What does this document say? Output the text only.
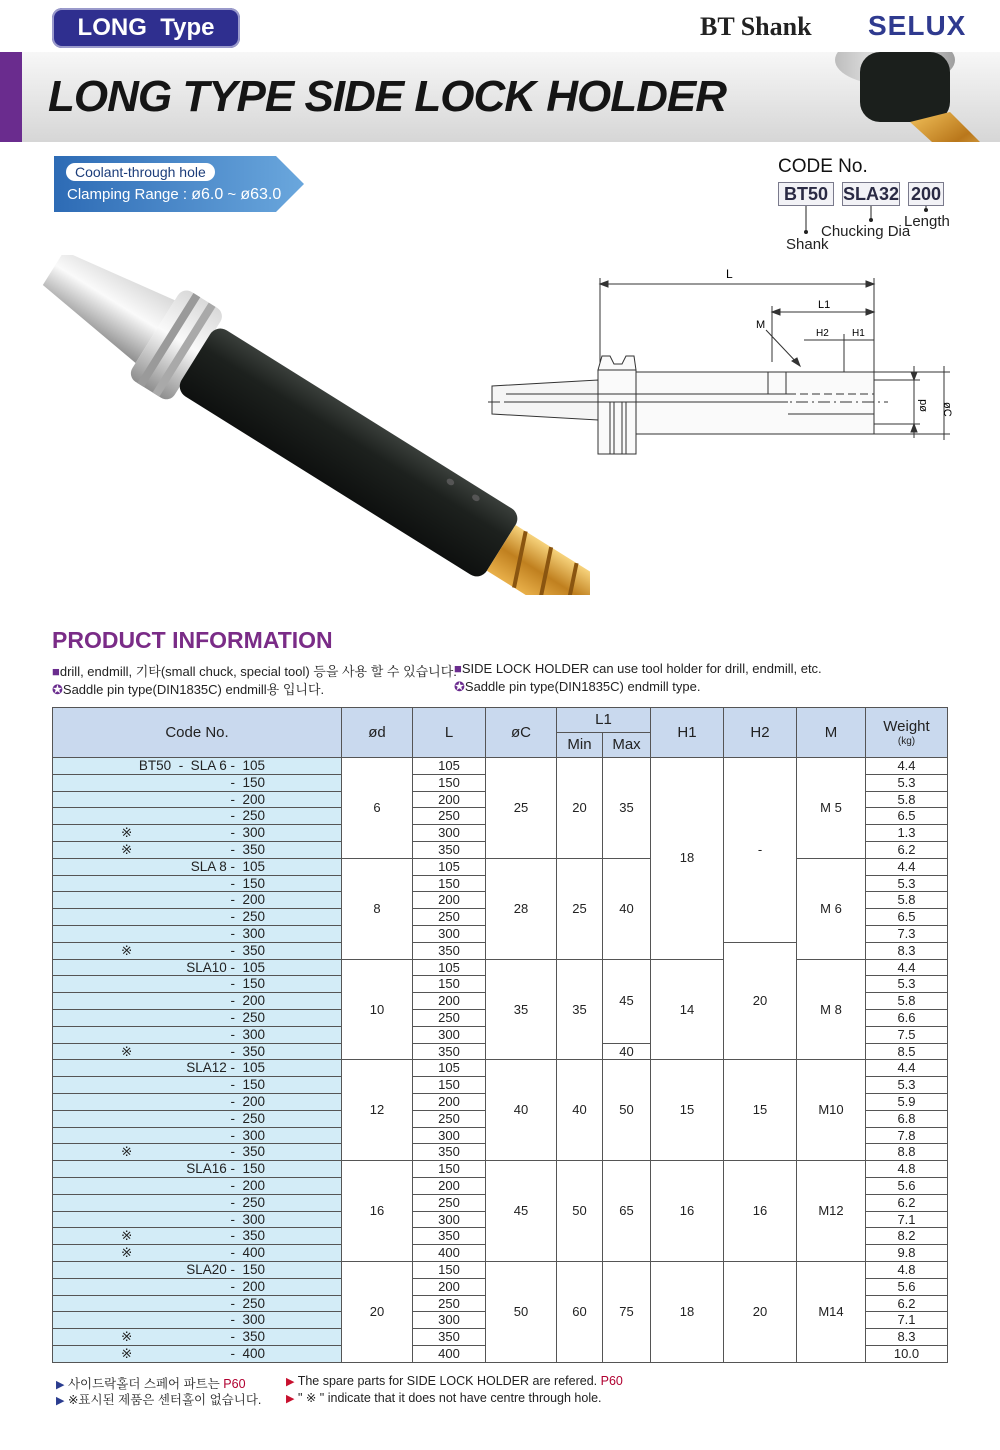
LONG  Type	BT Shank SELUX
LONG TYPE SIDE LOCK HOLDER
Coolant-through hole
Clamping Range : ø6.0 ~ ø63.0
CODE No.
BT50 SLA32 200
Length
Chucking Dia
Shank
L
L1
M
H2 H1
ød øC
PRODUCT INFORMATION
■drill, endmill, 기타(small chuck, special tool) 등을 사용 할 수 있습니다.
✪Saddle pin type(DIN1835C) endmill용 입니다.
■SIDE LOCK HOLDER can use tool holder for drill, endmill, etc.
✪Saddle pin type(DIN1835C) endmill type.
Code No.	ød	L	øC	L1		H1	H2	M	Weight
(kg)

				Min	Max				

BT50  -  SLA 6 -  105	6	105	25	20	35	18	-	M 5	4.4

-  150		150							5.3

-  200		200							5.8

-  250		250							6.5

※ -  300		300							1.3

※ -  350		350							6.2

SLA 8 -  105	8	105	28	25	40			M 6	4.4

-  150		150							5.3

-  200		200							5.8

-  250		250							6.5

-  300		300							7.3

※ -  350		350					20		8.3

SLA10 -  105	10	105	35	35	45	14		M 8	4.4

-  150		150							5.3

-  200		200							5.8

-  250		250							6.6

-  300		300							7.5

※ -  350		350			40				8.5

SLA12 -  105	12	105	40	40	50	15	15	M10	4.4

-  150		150							5.3

-  200		200							5.9

-  250		250							6.8

-  300		300							7.8

※ -  350		350							8.8

SLA16 -  150	16	150	45	50	65	16	16	M12	4.8

-  200		200							5.6

-  250		250							6.2

-  300		300							7.1

※ -  350		350							8.2

※ -  400		400							9.8

SLA20 -  150	20	150	50	60	75	18	20	M14	4.8

-  200		200							5.6

-  250		250							6.2

-  300		300							7.1

※ -  350		350							8.3

※ -  400		400							10.0
▶ 사이드락홀더 스페어 파트는 P60
▶ ※표시된 제품은 센터홀이 없습니다.
▶ The spare parts for SIDE LOCK HOLDER are refered. P60
▶ " ※ " indicate that it does not have centre through hole.
